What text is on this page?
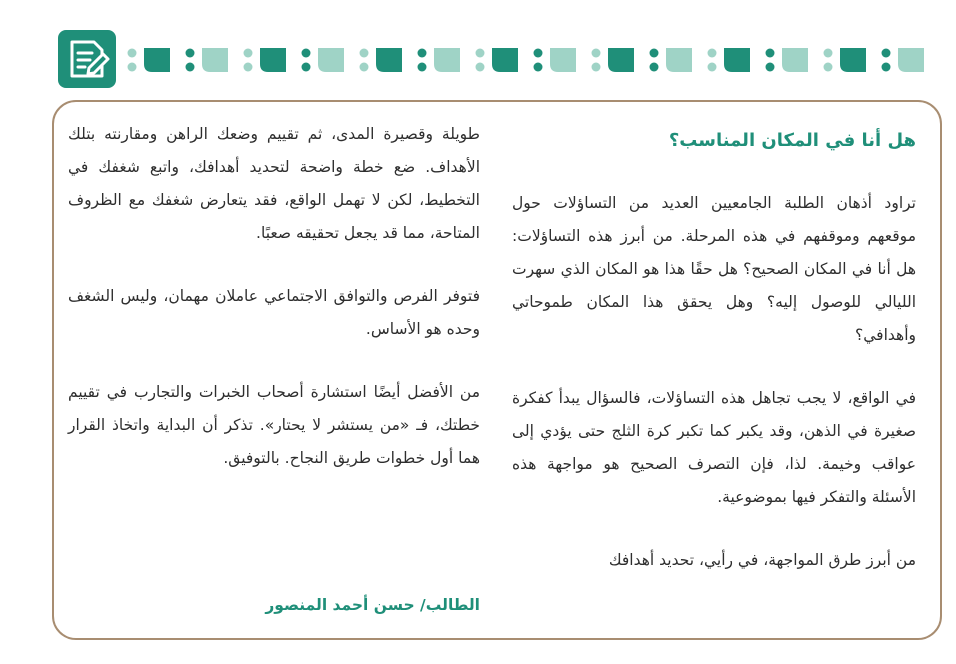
هل أنا في المكان المناسب؟

تراود أذهان الطلبة الجامعيين العديد من التساؤلات حول موقعهم وموقفهم في هذه المرحلة. من أبرز هذه التساؤلات: هل أنا في المكان الصحيح؟ هل حقًا هذا هو المكان الذي سهرت الليالي للوصول إليه؟ وهل يحقق هذا المكان طموحاتي وأهدافي؟

في الواقع، لا يجب تجاهل هذه التساؤلات، فالسؤال يبدأ كفكرة صغيرة في الذهن، وقد يكبر كما تكبر كرة الثلج حتى يؤدي إلى عواقب وخيمة. لذا، فإن التصرف الصحيح هو مواجهة هذه الأسئلة والتفكر فيها بموضوعية.

من أبرز طرق المواجهة، في رأيي، تحديد أهدافك

طويلة وقصيرة المدى، ثم تقييم وضعك الراهن ومقارنته بتلك الأهداف. ضع خطة واضحة لتحديد أهدافك، واتبع شغفك في التخطيط، لكن لا تهمل الواقع، فقد يتعارض شغفك مع الظروف المتاحة، مما قد يجعل تحقيقه صعبًا.

فتوفر الفرص والتوافق الاجتماعي عاملان مهمان، وليس الشغف وحده هو الأساس.

من الأفضل أيضًا استشارة أصحاب الخبرات والتجارب في تقييم خطتك، فـ «من يستشر لا يحتار». تذكر أن البداية واتخاذ القرار هما أول خطوات طريق النجاح. بالتوفيق.

الطالب/ حسن أحمد المنصور
